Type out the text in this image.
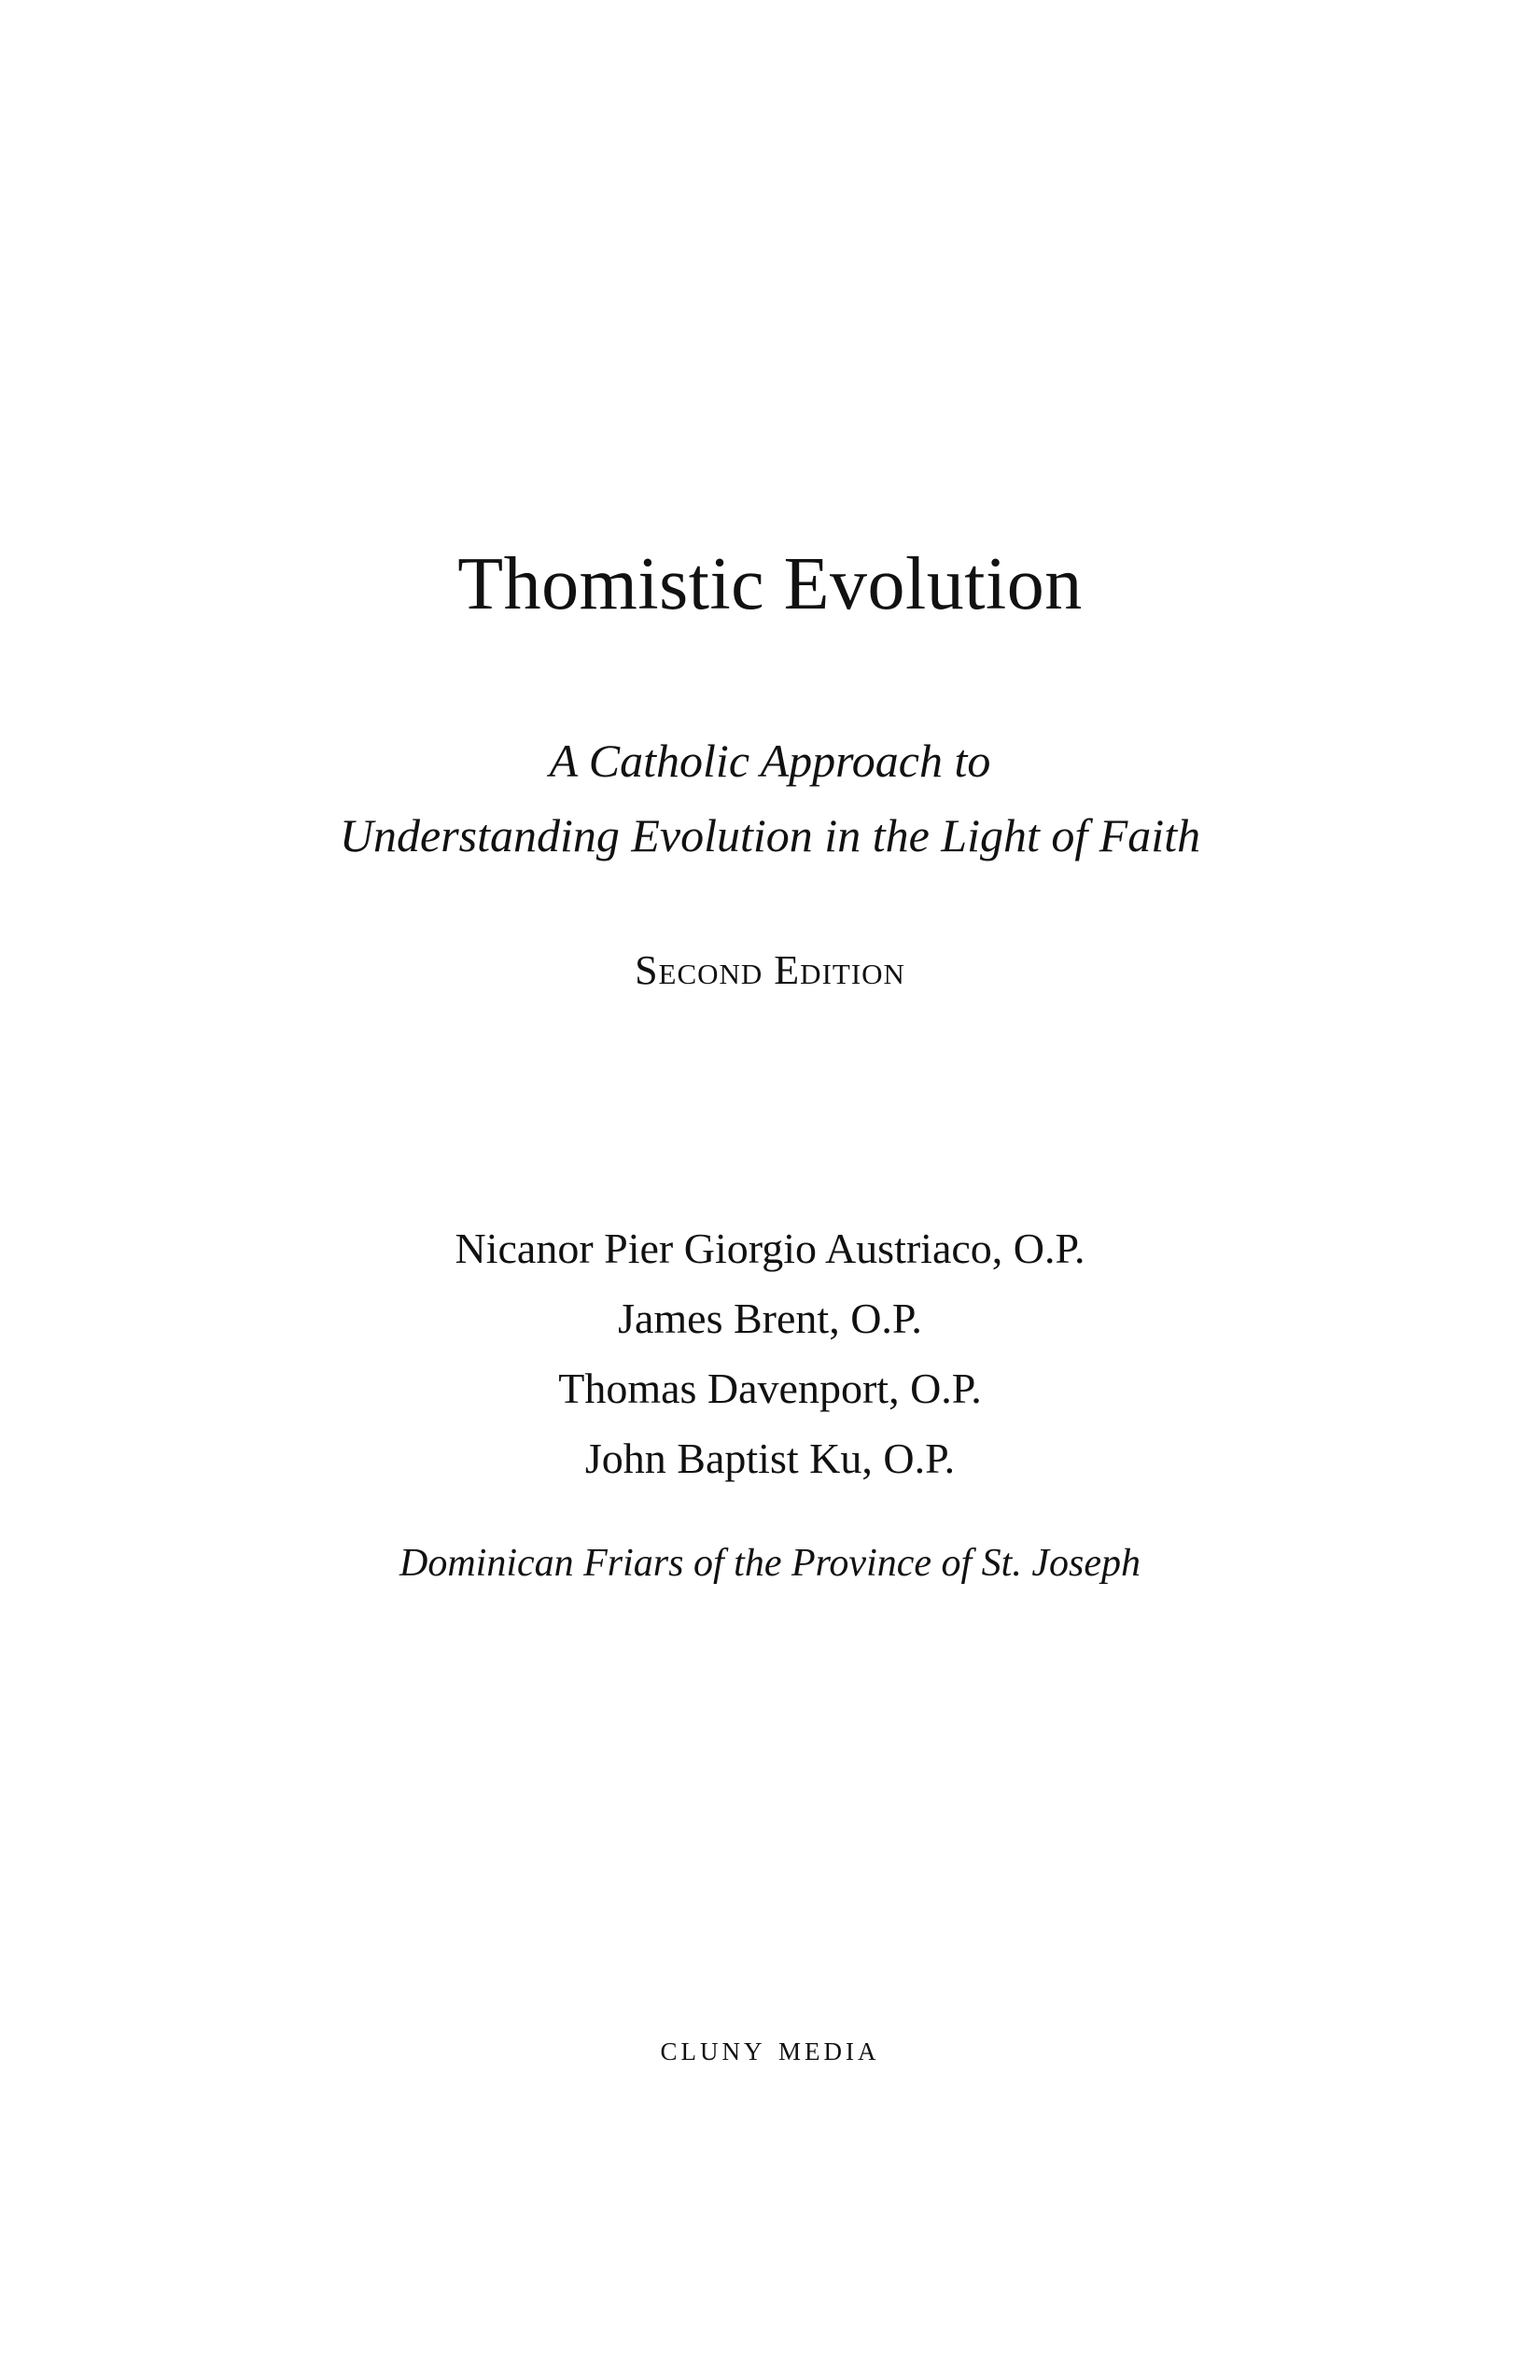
Thomistic Evolution
A Catholic Approach to
Understanding Evolution in the Light of Faith
Second Edition
Nicanor Pier Giorgio Austriaco, O.P.
James Brent, O.P.
Thomas Davenport, O.P.
John Baptist Ku, O.P.
Dominican Friars of the Province of St. Joseph
cluny media
